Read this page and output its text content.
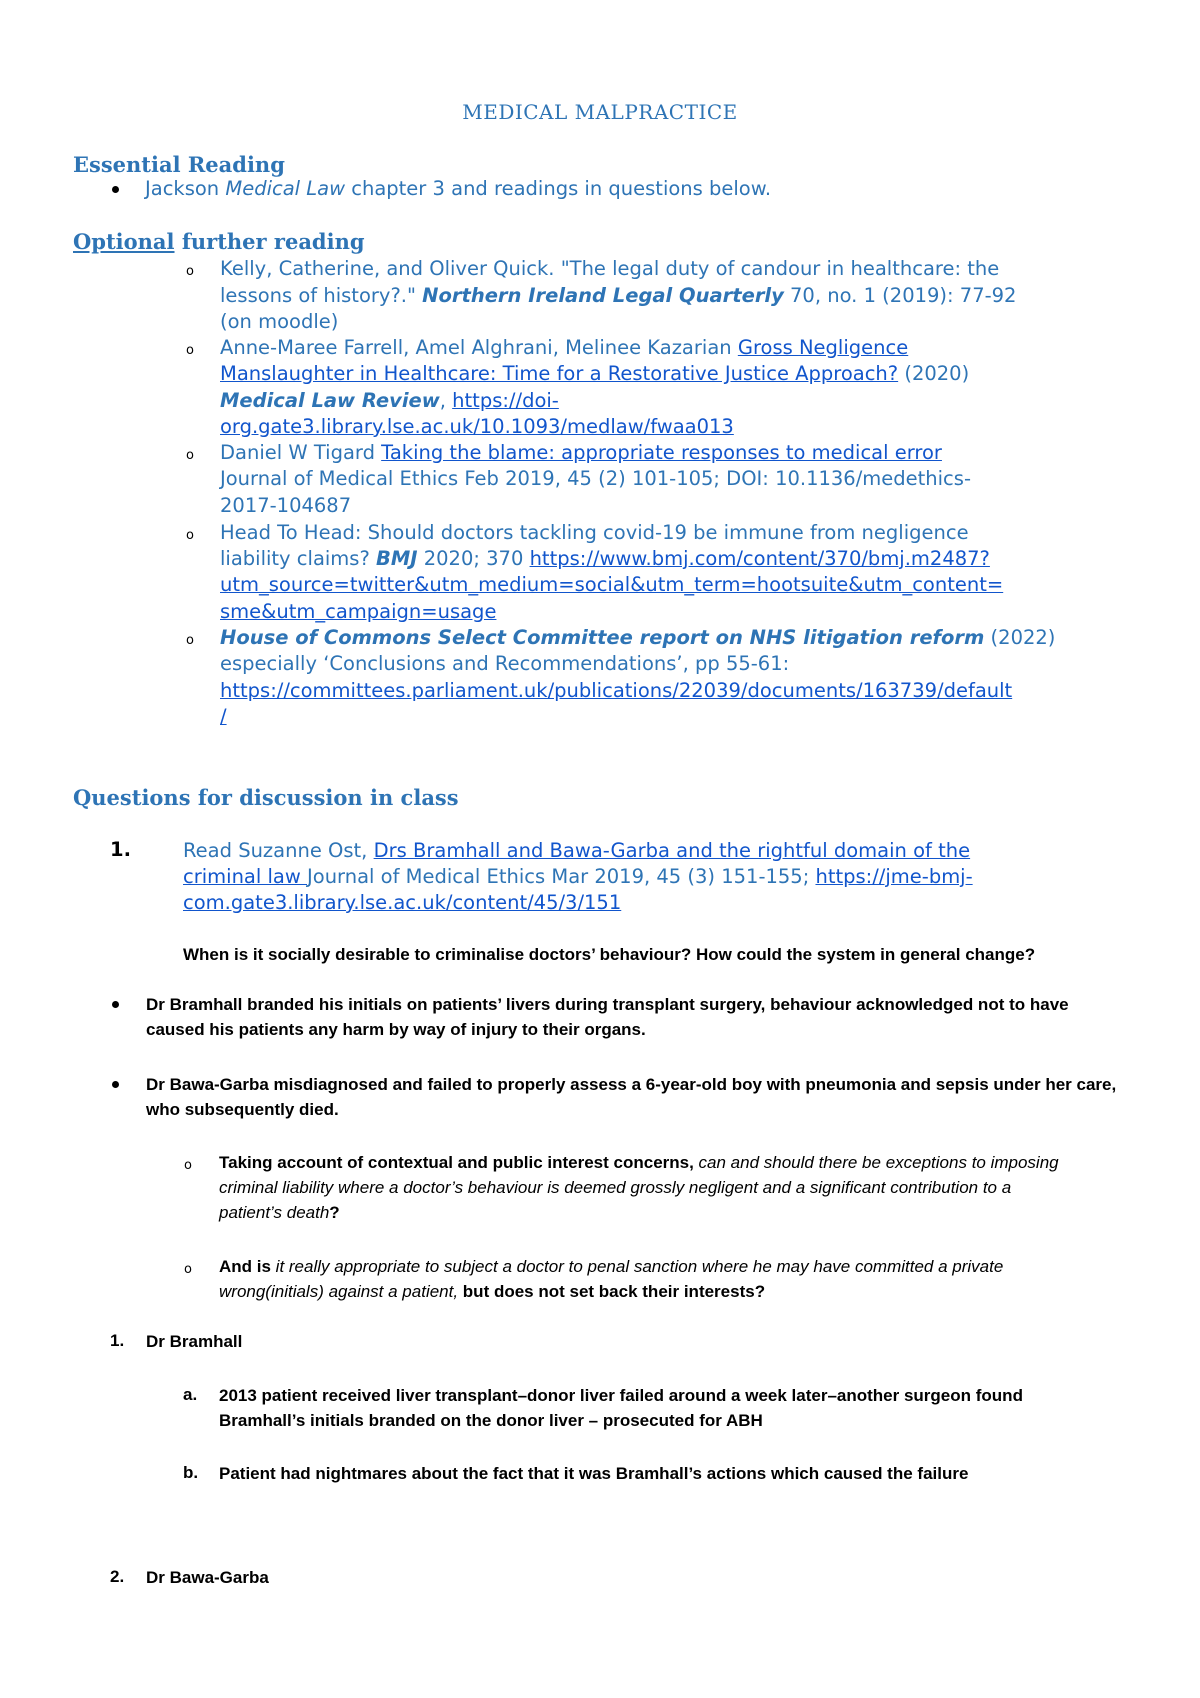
MEDICAL MALPRACTICE
Essential Reading
Jackson Medical Law chapter 3 and readings in questions below.
Optional further reading
o Kelly, Catherine, and Oliver Quick. "The legal duty of candour in healthcare: the
lessons of history?." Northern Ireland Legal Quarterly 70, no. 1 (2019): 77-92
(on moodle)
o Anne-Maree Farrell, Amel Alghrani, Melinee Kazarian Gross Negligence
Manslaughter in Healthcare: Time for a Restorative Justice Approach? (2020)
Medical Law Review, https://doi-
org.gate3.library.lse.ac.uk/10.1093/medlaw/fwaa013
o Daniel W Tigard Taking the blame: appropriate responses to medical error
Journal of Medical Ethics Feb 2019, 45 (2) 101-105; DOI: 10.1136/medethics-
2017-104687
o Head To Head: Should doctors tackling covid-19 be immune from negligence
liability claims? BMJ 2020; 370 https://www.bmj.com/content/370/bmj.m2487?
utm_source=twitter&utm_medium=social&utm_term=hootsuite&utm_content=
sme&utm_campaign=usage
o House of Commons Select Committee report on NHS litigation reform (2022)
especially ‘Conclusions and Recommendations’, pp 55-61:
https://committees.parliament.uk/publications/22039/documents/163739/default
/
Questions for discussion in class
1.	Read Suzanne Ost, Drs Bramhall and Bawa-Garba and the rightful domain of the
criminal law Journal of Medical Ethics Mar 2019, 45 (3) 151-155; https://jme-bmj-
com.gate3.library.lse.ac.uk/content/45/3/151
When is it socially desirable to criminalise doctors’ behaviour? How could the system in general change?
Dr Bramhall branded his initials on patients’ livers during transplant surgery, behaviour acknowledged not to have
caused his patients any harm by way of injury to their organs.
Dr Bawa-Garba misdiagnosed and failed to properly assess a 6-year-old boy with pneumonia and sepsis under her care,
who subsequently died.
o Taking account of contextual and public interest concerns, can and should there be exceptions to imposing
criminal liability where a doctor’s behaviour is deemed grossly negligent and a significant contribution to a
patient’s death?
o And is it really appropriate to subject a doctor to penal sanction where he may have committed a private
wrong(initials) against a patient, but does not set back their interests?
1. Dr Bramhall
a. 2013 patient received liver transplant–donor liver failed around a week later–another surgeon found
Bramhall’s initials branded on the donor liver – prosecuted for ABH
b. Patient had nightmares about the fact that it was Bramhall’s actions which caused the failure
2. Dr Bawa-Garba
